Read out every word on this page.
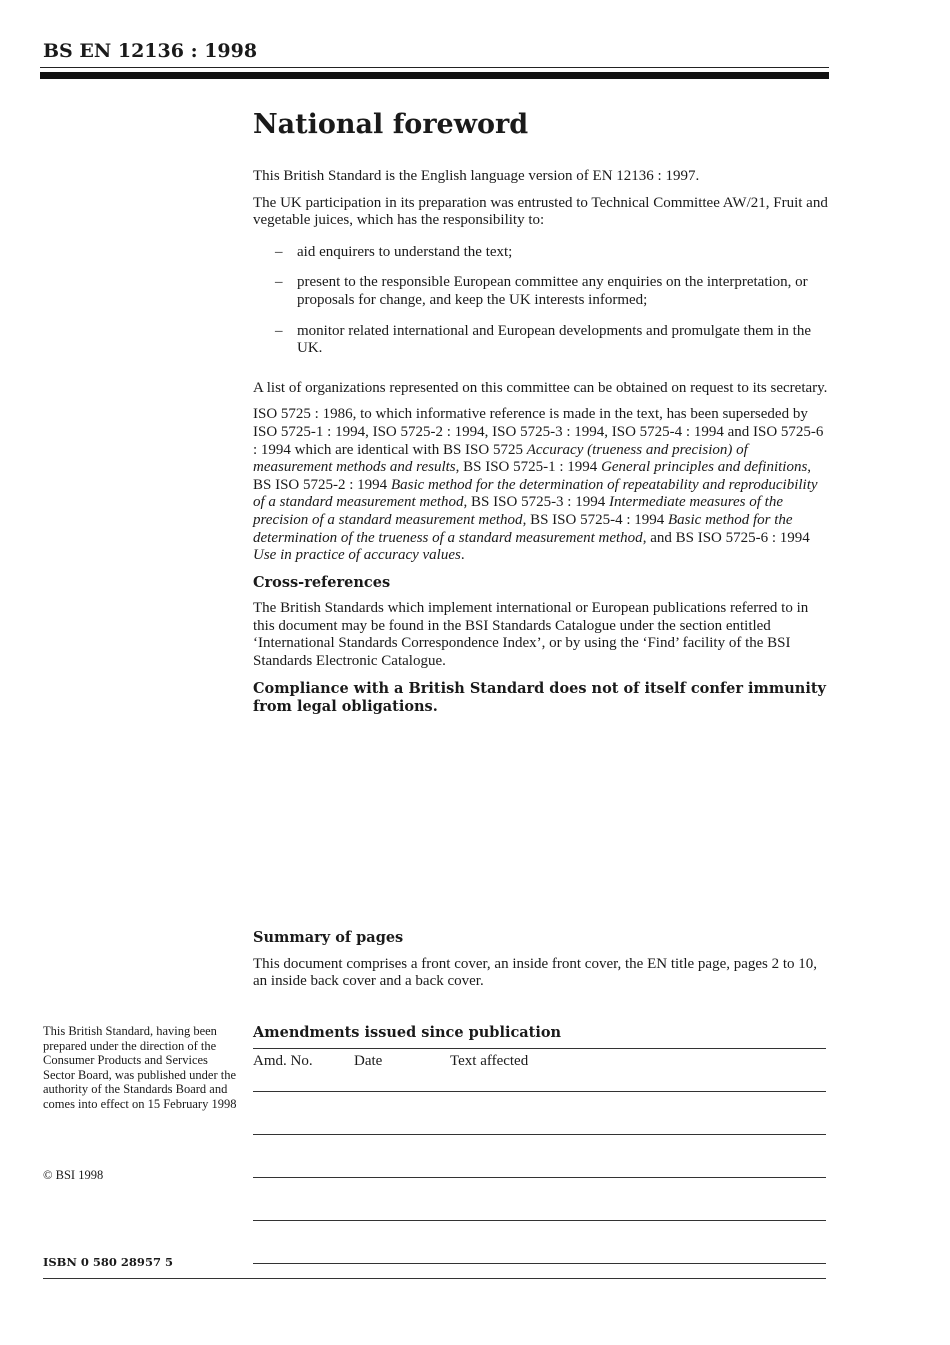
BS EN 12136 : 1998
National foreword

This British Standard is the English language version of EN 12136 : 1997.

The UK participation in its preparation was entrusted to Technical Committee AW/21, Fruit and vegetable juices, which has the responsibility to:

– aid enquirers to understand the text;
– present to the responsible European committee any enquiries on the interpretation, or proposals for change, and keep the UK interests informed;
– monitor related international and European developments and promulgate them in the UK.

A list of organizations represented on this committee can be obtained on request to its secretary.

ISO 5725 : 1986, to which informative reference is made in the text, has been superseded by ISO 5725-1 : 1994, ISO 5725-2 : 1994, ISO 5725-3 : 1994, ISO 5725-4 : 1994 and ISO 5725-6 : 1994 which are identical with BS ISO 5725 Accuracy (trueness and precision) of measurement methods and results, BS ISO 5725-1 : 1994 General principles and definitions, BS ISO 5725-2 : 1994 Basic method for the determination of repeatability and reproducibility of a standard measurement method, BS ISO 5725-3 : 1994 Intermediate measures of the precision of a standard measurement method, BS ISO 5725-4 : 1994 Basic method for the determination of the trueness of a standard measurement method, and BS ISO 5725-6 : 1994 Use in practice of accuracy values.

Cross-references

The British Standards which implement international or European publications referred to in this document may be found in the BSI Standards Catalogue under the section entitled ‘International Standards Correspondence Index’, or by using the ‘Find’ facility of the BSI Standards Electronic Catalogue.

Compliance with a British Standard does not of itself confer immunity from legal obligations.
Summary of pages

This document comprises a front cover, an inside front cover, the EN title page, pages 2 to 10, an inside back cover and a back cover.

This British Standard, having been prepared under the direction of the Consumer Products and Services Sector Board, was published under the authority of the Standards Board and comes into effect on 15 February 1998
© BSI 1998
ISBN 0 580 28957 5
Amendments issued since publication
Amd. No.	Date	Text affected
